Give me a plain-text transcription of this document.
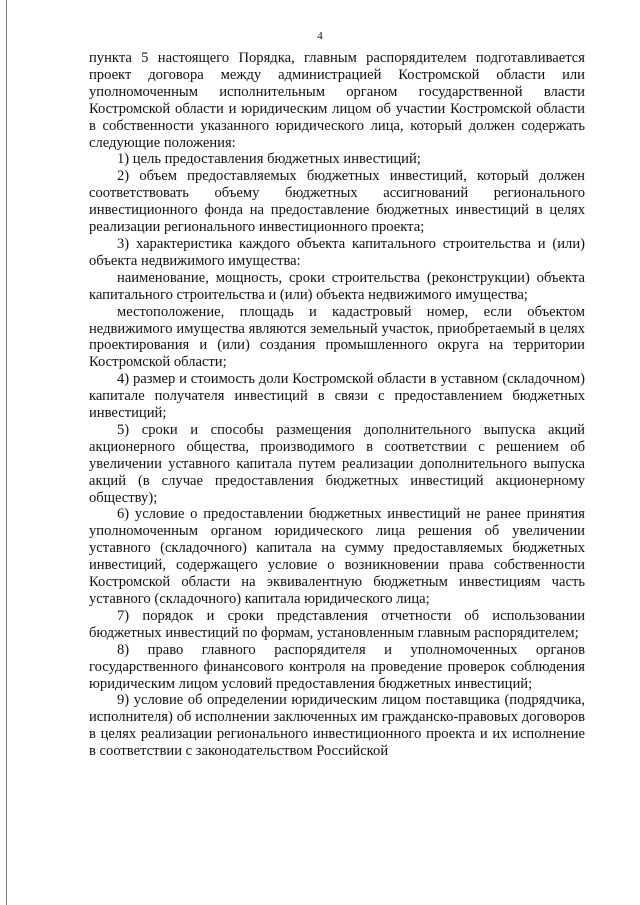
4

пункта 5 настоящего Порядка, главным распорядителем подготавливается проект договора между администрацией Костромской области или уполномоченным исполнительным органом государственной власти Костромской области и юридическим лицом об участии Костромской области в собственности указанного юридического лица, который должен содержать следующие положения:

1) цель предоставления бюджетных инвестиций;

2) объем предоставляемых бюджетных инвестиций, который должен соответствовать объему бюджетных ассигнований регионального инвестиционного фонда на предоставление бюджетных инвестиций в целях реализации регионального инвестиционного проекта;

3) характеристика каждого объекта капитального строительства и (или) объекта недвижимого имущества:

наименование, мощность, сроки строительства (реконструкции) объекта капитального строительства и (или) объекта недвижимого имущества;

местоположение, площадь и кадастровый номер, если объектом недвижимого имущества являются земельный участок, приобретаемый в целях проектирования и (или) создания промышленного округа на территории Костромской области;

4) размер и стоимость доли Костромской области в уставном (складочном) капитале получателя инвестиций в связи с предоставлением бюджетных инвестиций;

5) сроки и способы размещения дополнительного выпуска акций акционерного общества, производимого в соответствии с решением об увеличении уставного капитала путем реализации дополнительного выпуска акций (в случае предоставления бюджетных инвестиций акционерному обществу);

6) условие о предоставлении бюджетных инвестиций не ранее принятия уполномоченным органом юридического лица решения об увеличении уставного (складочного) капитала на сумму предоставляемых бюджетных инвестиций, содержащего условие о возникновении права собственности Костромской области на эквивалентную бюджетным инвестициям часть уставного (складочного) капитала юридического лица;

7) порядок и сроки представления отчетности об использовании бюджетных инвестиций по формам, установленным главным распорядителем;

8) право главного распорядителя и уполномоченных органов государственного финансового контроля на проведение проверок соблюдения юридическим лицом условий предоставления бюджетных инвестиций;

9) условие об определении юридическим лицом поставщика (подрядчика, исполнителя) об исполнении заключенных им гражданско-правовых договоров в целях реализации регионального инвестиционного проекта и их исполнение в соответствии с законодательством Российской
